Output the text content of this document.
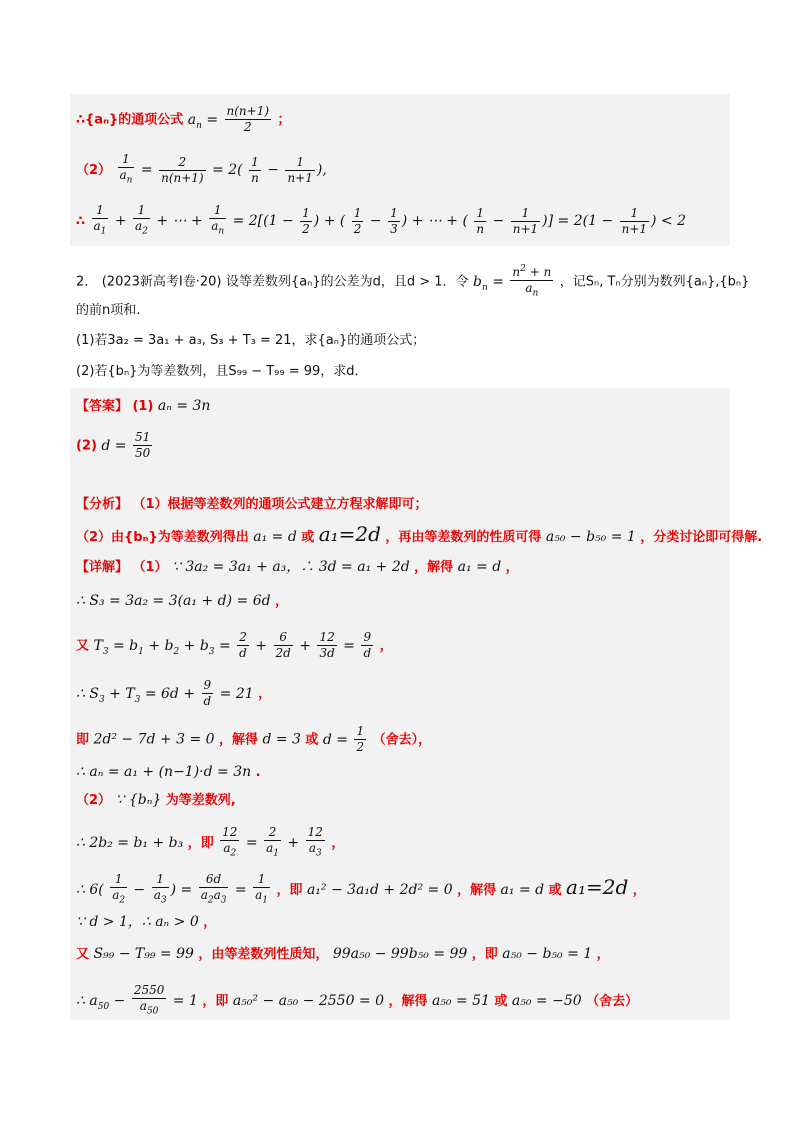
∴{aₙ}的通项公式 $a_n = \frac{n(n+1)}{2}$ ；
$(2) \frac{1}{a_n} = \frac{2}{n(n+1)} = 2( \frac{1}{n} - \frac{1}{n+1}$ ),
∴ $\frac{1}{a_1} + \frac{1}{a_2}$ + ⋯ + $\frac{1}{a_n} = 2[(1 - \frac{1}{2}$ ) + ( $\frac{1}{2} - \frac{1}{3}$ ) + ⋯ + ( $\frac{1}{n} - \frac{1}{n+1}$ )] = $2(1 - \frac{1}{n+1}$ ) < 2
2． (2023新高考Ⅰ卷·20) 设等差数列{aₙ}的公差为d，且d > 1．令 $b_n = \frac{n^2 + n}{a_n}$ ，记Sₙ, Tₙ分别为数列{aₙ},{bₙ}
的前n项和.
(1)若3a₂ = 3a₁ + a₃, S₃ + T₃ = 21，求{aₙ}的通项公式；
(2)若{bₙ}为等差数列，且S₉₉ − T₉₉ = 99，求d．
【答案】 (1) aₙ = 3n
(2) $d = \frac{51}{50}$
【分析】 （1）根据等差数列的通项公式建立方程求解即可；
（2）由{bₙ}为等差数列得出 a₁ = d 或 a₁=2d ，再由等差数列的性质可得 a₅₀ − b₅₀ = 1 ，分类讨论即可得解.
【详解】 （1） ∵ 3a₂ = 3a₁ + a₃，∴ 3d = a₁ + 2d ，解得 a₁ = d ，
∴ S₃ = 3a₂ = 3(a₁ + d) = 6d ，
又 $T_3 = b_1 + b_2 + b_3 = \frac{2}{d} + \frac{6}{2d} + \frac{12}{3d} = \frac{9}{d}$ ，
∴ $S_3 + T_3 = 6d + \frac{9}{d} = 21$ ，
即 2d² − 7d + 3 = 0 ，解得 d = 3 或 $d = \frac{1}{2}$ （舍去），
∴ aₙ = a₁ + (n−1)·d = 3n .
（2） ∵ {bₙ} 为等差数列,
∴ 2b₂ = b₁ + b₃ ，即 $\frac{12}{a_2} = \frac{2}{a_1} + \frac{12}{a_3}$ ，
∴ $6( \frac{1}{a_2} - \frac{1}{a_3}$ ) = $\frac{6d}{a_2a_3} = \frac{1}{a_1}$ ，即 a₁² − 3a₁d + 2d² = 0 ，解得 a₁ = d 或 a₁=2d ，
∵ d > 1，∴ aₙ > 0 ，
又 S₉₉ − T₉₉ = 99 ，由等差数列性质知， 99a₅₀ − 99b₅₀ = 99 ，即 a₅₀ − b₅₀ = 1 ，
∴ $a_{50} - \frac{2550}{a_{50}} = 1$ ，即 a₅₀² − a₅₀ − 2550 = 0 ，解得 a₅₀ = 51 或 a₅₀ = −50 （舍去）
